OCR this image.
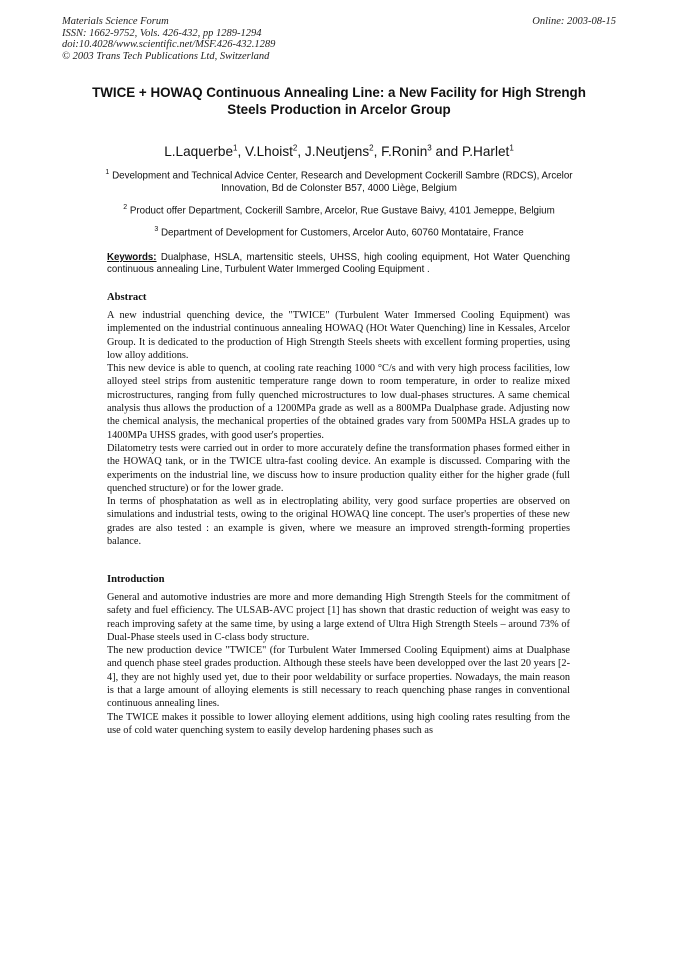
Materials Science Forum
ISSN: 1662-9752, Vols. 426-432, pp 1289-1294
doi:10.4028/www.scientific.net/MSF.426-432.1289
© 2003 Trans Tech Publications Ltd, Switzerland
Online: 2003-08-15
TWICE + HOWAQ Continuous Annealing Line: a New Facility for High Strengh Steels Production in Arcelor Group
L.Laquerbe$^1$, V.Lhoist$^2$, J.Neutjens$^2$, F.Ronin$^3$ and P.Harlet$^1$
$^1$ Development and Technical Advice Center, Research and Development Cockerill Sambre (RDCS), Arcelor Innovation, Bd de Colonster B57, 4000 Liège, Belgium
$^2$ Product offer Department, Cockerill Sambre, Arcelor, Rue Gustave Baivy, 4101 Jemeppe, Belgium
$^3$ Department of Development for Customers, Arcelor Auto, 60760 Montataire, France
Keywords: Dualphase, HSLA, martensitic steels, UHSS, high cooling equipment, Hot Water Quenching continuous annealing Line, Turbulent Water Immerged Cooling Equipment .
Abstract

A new industrial quenching device, the "TWICE" (Turbulent Water Immersed Cooling Equipment) was implemented on the industrial continuous annealing HOWAQ (HOt Water Quenching) line in Kessales, Arcelor Group. It is dedicated to the production of High Strength Steels sheets with excellent forming properties, using low alloy additions.

This new device is able to quench, at cooling rate reaching 1000 °C/s and with very high process facilities, low alloyed steel strips from austenitic temperature range down to room temperature, in order to realize mixed microstructures, ranging from fully quenched microstructures to low dual-phases structures. A same chemical analysis thus allows the production of a 1200MPa grade as well as a 800MPa Dualphase grade. Adjusting now the chemical analysis, the mechanical properties of the obtained grades vary from 500MPa HSLA grades up to 1400MPa UHSS grades, with good user's properties.

Dilatometry tests were carried out in order to more accurately define the transformation phases formed either in the HOWAQ tank, or in the TWICE ultra-fast cooling device. An example is discussed. Comparing with the experiments on the industrial line, we discuss how to insure production quality either for the higher grade (full quenched structure) or for the lower grade.

In terms of phosphatation as well as in electroplating ability, very good surface properties are observed on simulations and industrial tests, owing to the original HOWAQ line concept. The user's properties of these new grades are also tested : an example is given, where we measure an improved strength-forming properties balance.

Introduction

General and automotive industries are more and more demanding High Strength Steels for the commitment of safety and fuel efficiency. The ULSAB-AVC project [1] has shown that drastic reduction of weight was easy to reach improving safety at the same time, by using a large extend of Ultra High Strength Steels – around 73% of Dual-Phase steels used in C-class body structure.

The new production device "TWICE" (for Turbulent Water Immersed Cooling Equipment) aims at Dualphase and quench phase steel grades production. Although these steels have been developped over the last 20 years [2-4], they are not highly used yet, due to their poor weldability or surface properties. Nowadays, the main reason is that a large amount of alloying elements is still necessary to reach quenching phase ranges in conventional continuous annealing lines.

The TWICE makes it possible to lower alloying element additions, using high cooling rates resulting from the use of cold water quenching system to easily develop hardening phases such as
